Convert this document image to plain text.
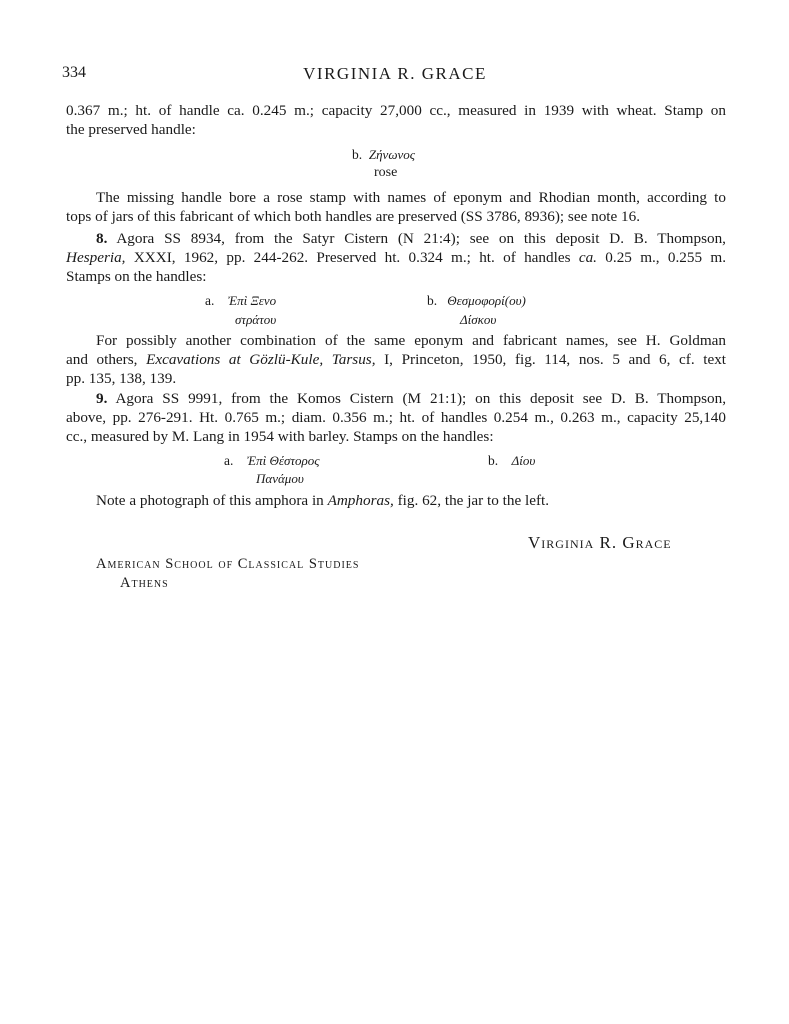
334	VIRGINIA R. GRACE

0.367 m.; ht. of handle ca. 0.245 m.; capacity 27,000 cc., measured in 1939 with wheat. Stamp on
the preserved handle:

b. Ζήνωνος
rose

The missing handle bore a rose stamp with names of eponym and Rhodian month, according to
tops of jars of this fabricant of which both handles are preserved (SS 3786, 8936); see note 16.

8. Agora SS 8934, from the Satyr Cistern (N 21:4); see on this deposit D. B. Thompson,
Hesperia, XXXI, 1962, pp. 244-262. Preserved ht. 0.324 m.; ht. of handles ca. 0.25 m., 0.255 m.
Stamps on the handles:

a. Ἐπὶ Ξενο
στράτου
b. Θεσμοφορί(ου)
Δίσκου

For possibly another combination of the same eponym and fabricant names, see H. Goldman
and others, Excavations at Gözlü-Kule, Tarsus, I, Princeton, 1950, fig. 114, nos. 5 and 6, cf. text
pp. 135, 138, 139.

9. Agora SS 9991, from the Komos Cistern (M 21:1); on this deposit see D. B. Thompson,
above, pp. 276-291. Ht. 0.765 m.; diam. 0.356 m.; ht. of handles 0.254 m., 0.263 m., capacity 25,140
cc., measured by M. Lang in 1954 with barley. Stamps on the handles:

a. Ἐπὶ Θέστορος
Πανάμου
b. Δίου

Note a photograph of this amphora in Amphoras, fig. 62, the jar to the left.

Virginia R. Grace
American School of Classical Studies
Athens
